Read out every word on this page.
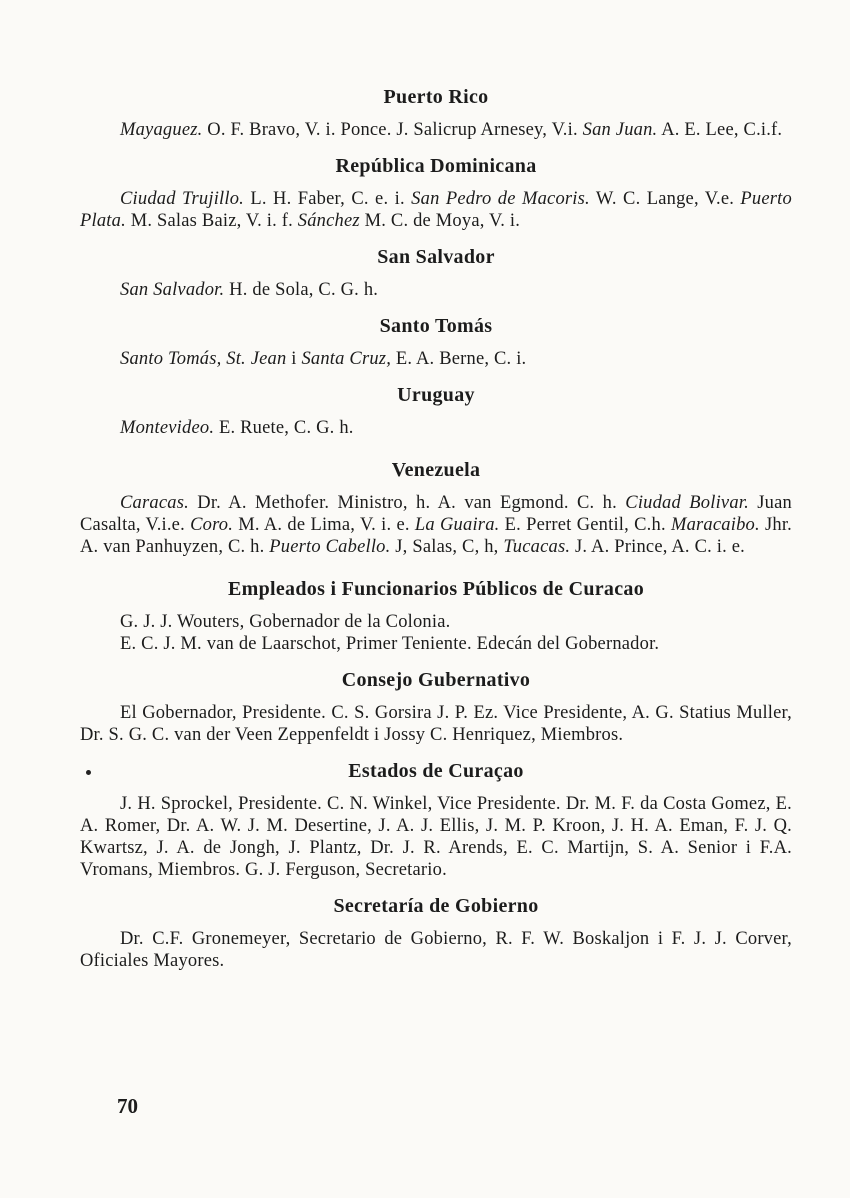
Puerto Rico

Mayaguez. O. F. Bravo, V. i. Ponce. J. Salicrup Arnesey, V.i. San Juan. A. E. Lee, C.i.f.

República Dominicana

Ciudad Trujillo. L. H. Faber, C. e. i. San Pedro de Macoris. W. C. Lange, V.e. Puerto Plata. M. Salas Baiz, V. i. f. Sánchez M. C. de Moya, V. i.

San Salvador

San Salvador. H. de Sola, C. G. h.

Santo Tomás

Santo Tomás, St. Jean i Santa Cruz, E. A. Berne, C. i.

Uruguay

Montevideo. E. Ruete, C. G. h.

Venezuela

Caracas. Dr. A. Methofer. Ministro, h. A. van Egmond. C. h. Ciudad Bolivar. Juan Casalta, V.i.e. Coro. M. A. de Lima, V. i. e. La Guaira. E. Perret Gentil, C.h. Maracaibo. Jhr. A. van Panhuyzen, C. h. Puerto Cabello. J, Salas, C, h, Tucacas. J. A. Prince, A. C. i. e.

Empleados i Funcionarios Públicos de Curacao

G. J. J. Wouters, Gobernador de la Colonia.

E. C. J. M. van de Laarschot, Primer Teniente. Edecán del Gobernador.

Consejo Gubernativo

El Gobernador, Presidente. C. S. Gorsira J. P. Ez. Vice Presidente, A. G. Statius Muller, Dr. S. G. C. van der Veen Zeppenfeldt i Jossy C. Henriquez, Miembros.

Estados de Curaçao

J. H. Sprockel, Presidente. C. N. Winkel, Vice Presidente. Dr. M. F. da Costa Gomez, E. A. Romer, Dr. A. W. J. M. Desertine, J. A. J. Ellis, J. M. P. Kroon, J. H. A. Eman, F. J. Q. Kwartsz, J. A. de Jongh, J. Plantz, Dr. J. R. Arends, E. C. Martijn, S. A. Senior i F.A. Vromans, Miembros. G. J. Ferguson, Secretario.

Secretaría de Gobierno

Dr. C.F. Gronemeyer, Secretario de Gobierno, R. F. W. Boskaljon i F. J. J. Corver, Oficiales Mayores.

70
